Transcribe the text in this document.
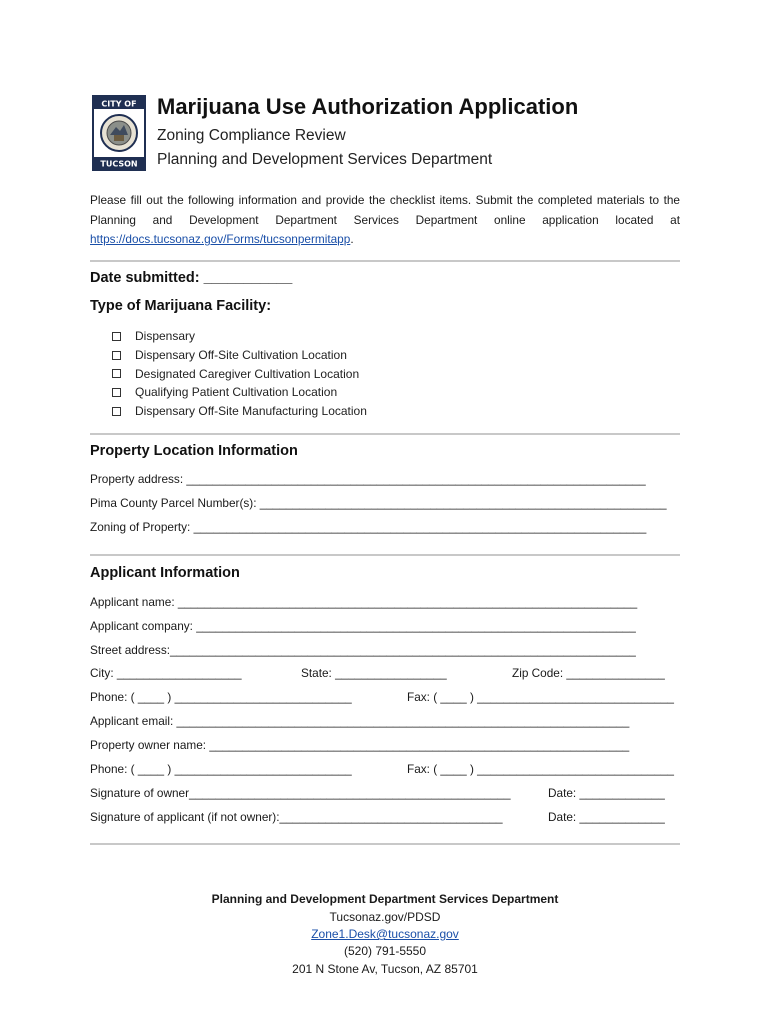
CITY OF
TUCSON
Marijuana Use Authorization Application
Zoning Compliance Review
Planning and Development Services Department
Please fill out the following information and provide the checklist items. Submit the completed materials to the Planning and Development Department Services Department online application located at https://docs.tucsonaz.gov/Forms/tucsonpermitapp.
Date submitted: ___________
Type of Marijuana Facility:
Dispensary
Dispensary Off-Site Cultivation Location
Designated Caregiver Cultivation Location
Qualifying Patient Cultivation Location
Dispensary Off-Site Manufacturing Location
Property Location Information
Property address: ______________________________________________________________________
Pima County Parcel Number(s): ______________________________________________________________
Zoning of Property: _____________________________________________________________________
Applicant Information
Applicant name: ______________________________________________________________________
Applicant company: ___________________________________________________________________
Street address:_______________________________________________________________________
City: ___________________	State: _________________	Zip Code: _______________
Phone: ( ____ ) ___________________________	Fax: ( ____ ) ______________________________
Applicant email: _____________________________________________________________________
Property owner name: ________________________________________________________________
Phone: ( ____ ) ___________________________	Fax: ( ____ ) ______________________________
Signature of owner_________________________________________________	Date: _____________
Signature of applicant (if not owner):__________________________________	Date: _____________
Planning and Development Department Services Department
Tucsonaz.gov/PDSD
Zone1.Desk@tucsonaz.gov
(520) 791-5550
201 N Stone Av, Tucson, AZ 85701
